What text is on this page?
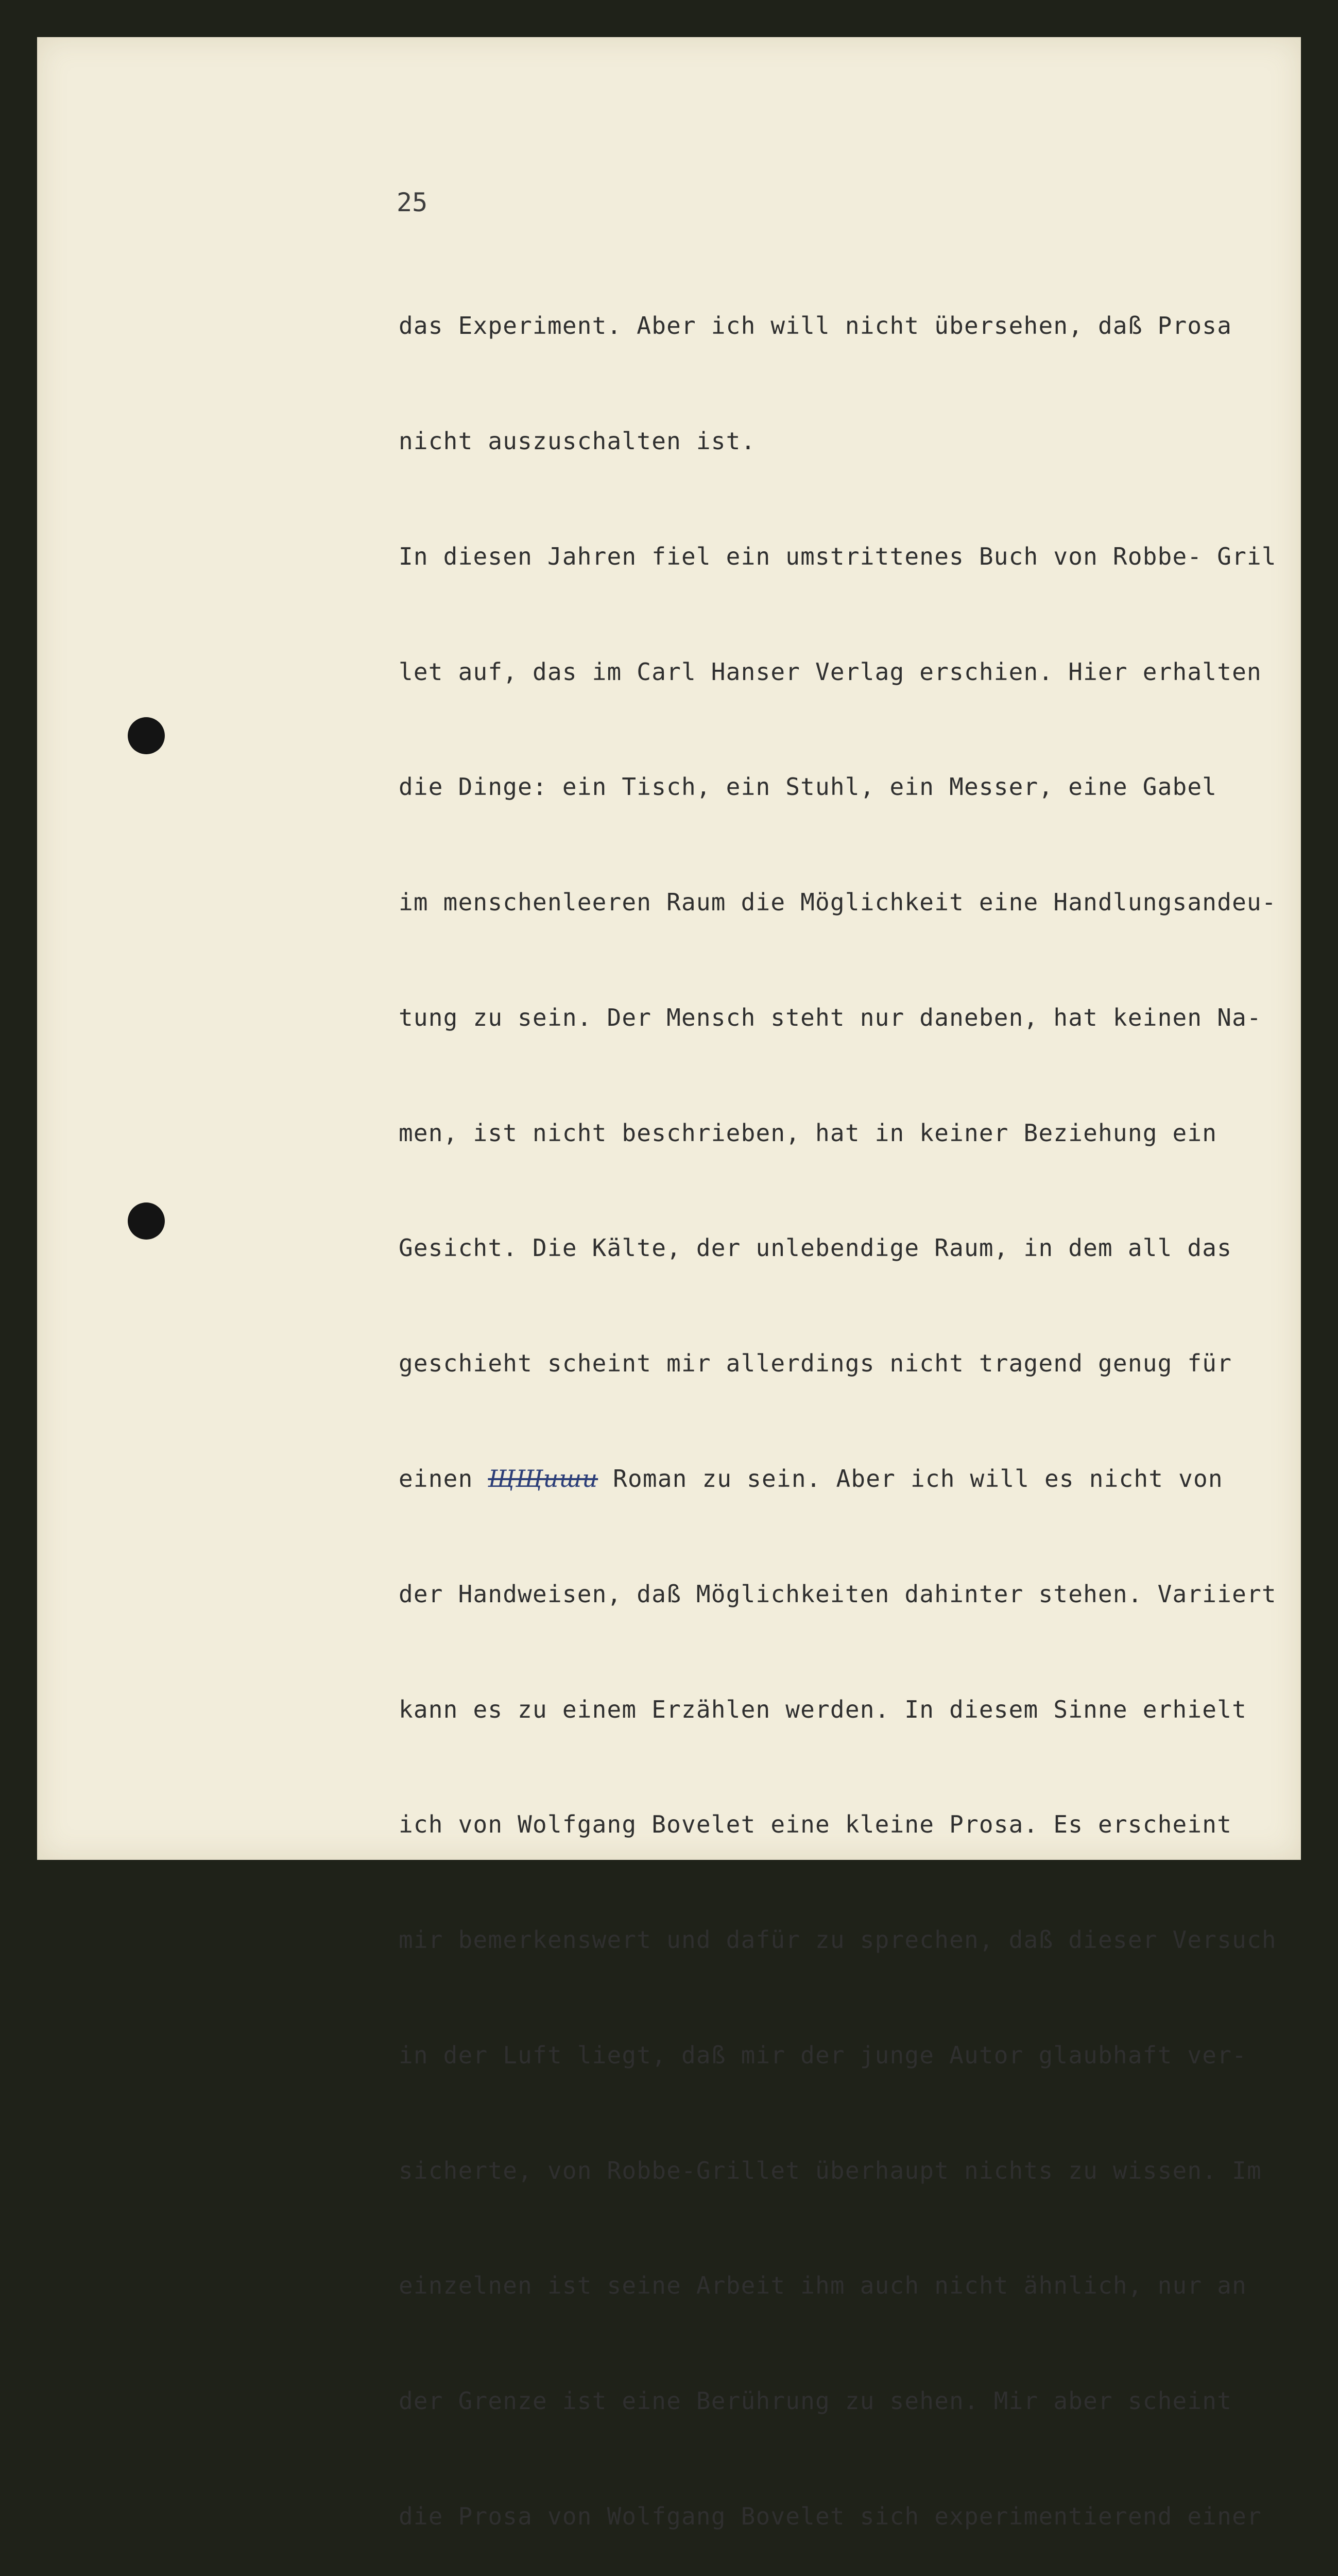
25

das Experiment. Aber ich will nicht übersehen, daß Prosa

nicht auszuschalten ist.

In diesen Jahren fiel ein umstrittenes Buch von Robbe- Gril

let auf, das im Carl Hanser Verlag erschien. Hier erhalten

die Dinge: ein Tisch, ein Stuhl, ein Messer, eine Gabel

im menschenleeren Raum die Möglichkeit eine Handlungsandeu-

tung zu sein. Der Mensch steht nur daneben, hat keinen Na-

men, ist nicht beschrieben, hat in keiner Beziehung ein

Gesicht. Die Kälte, der unlebendige Raum, in dem all das

geschieht scheint mir allerdings nicht tragend genug für

einen ЩЩиши Roman zu sein. Aber ich will es nicht von

der Handweisen, daß Möglichkeiten dahinter stehen. Variiert

kann es zu einem Erzählen werden. In diesem Sinne erhielt

ich von Wolfgang Bovelet eine kleine Prosa. Es erscheint

mir bemerkenswert und dafür zu sprechen, daß dieser Versuch

in der Luft liegt, daß mir der junge Autor glaubhaft ver-

sicherte, von Robbe-Grillet überhaupt nichts zu wissen. Im

einzelnen ist seine Arbeit ihm auch nicht ähnlich, nur an

der Grenze ist eine Berührung zu sehen. Mir aber scheint

die Prosa von Wolfgang Bovelet sich experimentierend einer
